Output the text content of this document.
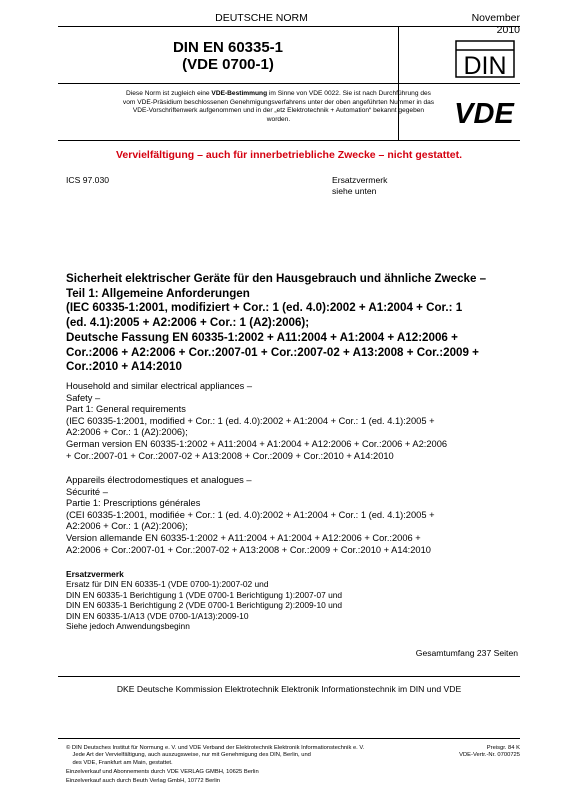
DEUTSCHE NORM	November 2010
DIN EN 60335-1
(VDE 0700-1)	DIN
Diese Norm ist zugleich eine VDE-Bestimmung im Sinne von VDE 0022. Sie ist nach Durchführung des vom VDE-Präsidium beschlossenen Genehmigungsverfahrens unter der oben angeführten Nummer in das VDE-Vorschriftenwerk aufgenommen und in der „etz Elektrotechnik + Automation“ bekannt gegeben worden.	VDE
Vervielfältigung – auch für innerbetriebliche Zwecke – nicht gestattet.
ICS 97.030	Ersatzvermerk
siehe unten
Sicherheit elektrischer Geräte für den Hausgebrauch und ähnliche Zwecke –
Teil 1: Allgemeine Anforderungen
(IEC 60335-1:2001, modifiziert + Cor.: 1 (ed. 4.0):2002 + A1:2004 + Cor.: 1
(ed. 4.1):2005 + A2:2006 + Cor.: 1 (A2):2006);
Deutsche Fassung EN 60335-1:2002 + A11:2004 + A1:2004 + A12:2006 +
Cor.:2006 + A2:2006 + Cor.:2007-01 + Cor.:2007-02 + A13:2008 + Cor.:2009 +
Cor.:2010 + A14:2010
Household and similar electrical appliances –
Safety –
Part 1: General requirements
(IEC 60335-1:2001, modified + Cor.: 1 (ed. 4.0):2002 + A1:2004 + Cor.: 1 (ed. 4.1):2005 +
A2:2006 + Cor.: 1 (A2):2006);
German version EN 60335-1:2002 + A11:2004 + A1:2004 + A12:2006 + Cor.:2006 + A2:2006
+ Cor.:2007-01 + Cor.:2007-02 + A13:2008 + Cor.:2009 + Cor.:2010 + A14:2010
Appareils électrodomestiques et analogues –
Sécurité –
Partie 1: Prescriptions générales
(CEI 60335-1:2001, modifiée + Cor.: 1 (ed. 4.0):2002 + A1:2004 + Cor.: 1 (ed. 4.1):2005 +
A2:2006 + Cor.: 1 (A2):2006);
Version allemande EN 60335-1:2002 + A11:2004 + A1:2004 + A12:2006 + Cor.:2006 +
A2:2006 + Cor.:2007-01 + Cor.:2007-02 + A13:2008 + Cor.:2009 + Cor.:2010 + A14:2010
Ersatzvermerk
Ersatz für DIN EN 60335-1 (VDE 0700-1):2007-02 und
DIN EN 60335-1 Berichtigung 1 (VDE 0700-1 Berichtigung 1):2007-07 und
DIN EN 60335-1 Berichtigung 2 (VDE 0700-1 Berichtigung 2):2009-10 und
DIN EN 60335-1/A13 (VDE 0700-1/A13):2009-10
Siehe jedoch Anwendungsbeginn
Gesamtumfang 237 Seiten
DKE Deutsche Kommission Elektrotechnik Elektronik Informationstechnik im DIN und VDE
© DIN Deutsches Institut für Normung e. V. und VDE Verband der Elektrotechnik Elektronik Informationstechnik e. V.
Jede Art der Vervielfältigung, auch auszugsweise, nur mit Genehmigung des DIN, Berlin, und
des VDE, Frankfurt am Main, gestattet.
Preisgr. 84 K
VDE-Vertr.-Nr. 0700725
Einzelverkauf und Abonnements durch VDE VERLAG GMBH, 10625 Berlin
Einzelverkauf auch durch Beuth Verlag GmbH, 10772 Berlin
